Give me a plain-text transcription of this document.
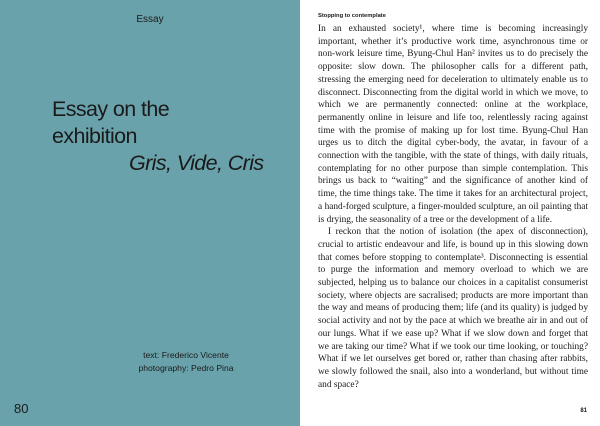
Essay
Essay on the
exhibition
Gris, Vide, Cris
text: Frederico Vicente
photography: Pedro Pina
80
Stopping to contemplate

In an exhausted society¹, where time is becoming increasingly important, whether it’s productive work time, asynchronous time or non-work leisure time, Byung-Chul Han² invites us to do precisely the opposite: slow down. The philosopher calls for a different path, stressing the emerging need for deceleration to ultimately enable us to disconnect. Disconnecting from the digital world in which we move, to which we are permanently connected: online at the workplace, permanently online in leisure and life too, relentlessly racing against time with the promise of making up for lost time. Byung-Chul Han urges us to ditch the digital cyber-body, the avatar, in favour of a connection with the tangible, with the state of things, with daily rituals, contemplating for no other purpose than simple contemplation. This brings us back to “waiting” and the significance of another kind of time, the time things take. The time it takes for an architectural project, a hand-forged sculpture, a finger-moulded sculpture, an oil painting that is drying, the seasonality of a tree or the development of a life.

I reckon that the notion of isolation (the apex of disconnection), crucial to artistic endeavour and life, is bound up in this slowing down that comes before stopping to contemplate³. Disconnecting is essential to purge the information and memory overload to which we are subjected, helping us to balance our choices in a capitalist consumerist society, where objects are sacralised; products are more important than the way and means of producing them; life (and its quality) is judged by social activity and not by the pace at which we breathe air in and out of our lungs. What if we ease up? What if we slow down and forget that we are taking our time? What if we took our time looking, or touching? What if we let ourselves get bored or, rather than chasing after rabbits, we slowly followed the snail, also into a wonderland, but without time and space?

81
